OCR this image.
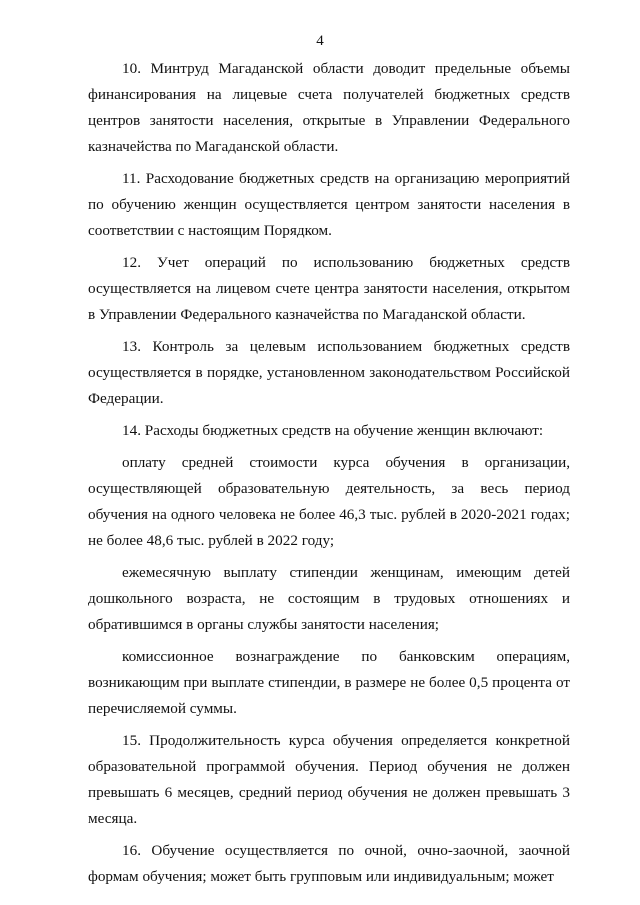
4

10. Минтруд Магаданской области доводит предельные объемы финансирования на лицевые счета получателей бюджетных средств центров занятости населения, открытые в Управлении Федерального казначейства по Магаданской области.

11. Расходование бюджетных средств на организацию мероприятий по обучению женщин осуществляется центром занятости населения в соответствии с настоящим Порядком.

12. Учет операций по использованию бюджетных средств осуществляется на лицевом счете центра занятости населения, открытом в Управлении Федерального казначейства по Магаданской области.

13. Контроль за целевым использованием бюджетных средств осуществляется в порядке, установленном законодательством Российской Федерации.

14. Расходы бюджетных средств на обучение женщин включают:

оплату средней стоимости курса обучения в организации, осуществляющей образовательную деятельность, за весь период обучения на одного человека не более 46,3 тыс. рублей в 2020-2021 годах; не более 48,6 тыс. рублей в 2022 году;

ежемесячную выплату стипендии женщинам, имеющим детей дошкольного возраста, не состоящим в трудовых отношениях и обратившимся в органы службы занятости населения;

комиссионное вознаграждение по банковским операциям, возникающим при выплате стипендии, в размере не более 0,5 процента от перечисляемой суммы.

15. Продолжительность курса обучения определяется конкретной образовательной программой обучения. Период обучения не должен превышать 6 месяцев, средний период обучения не должен превышать 3 месяца.

16. Обучение осуществляется по очной, очно-заочной, заочной формам обучения; может быть групповым или индивидуальным; может
